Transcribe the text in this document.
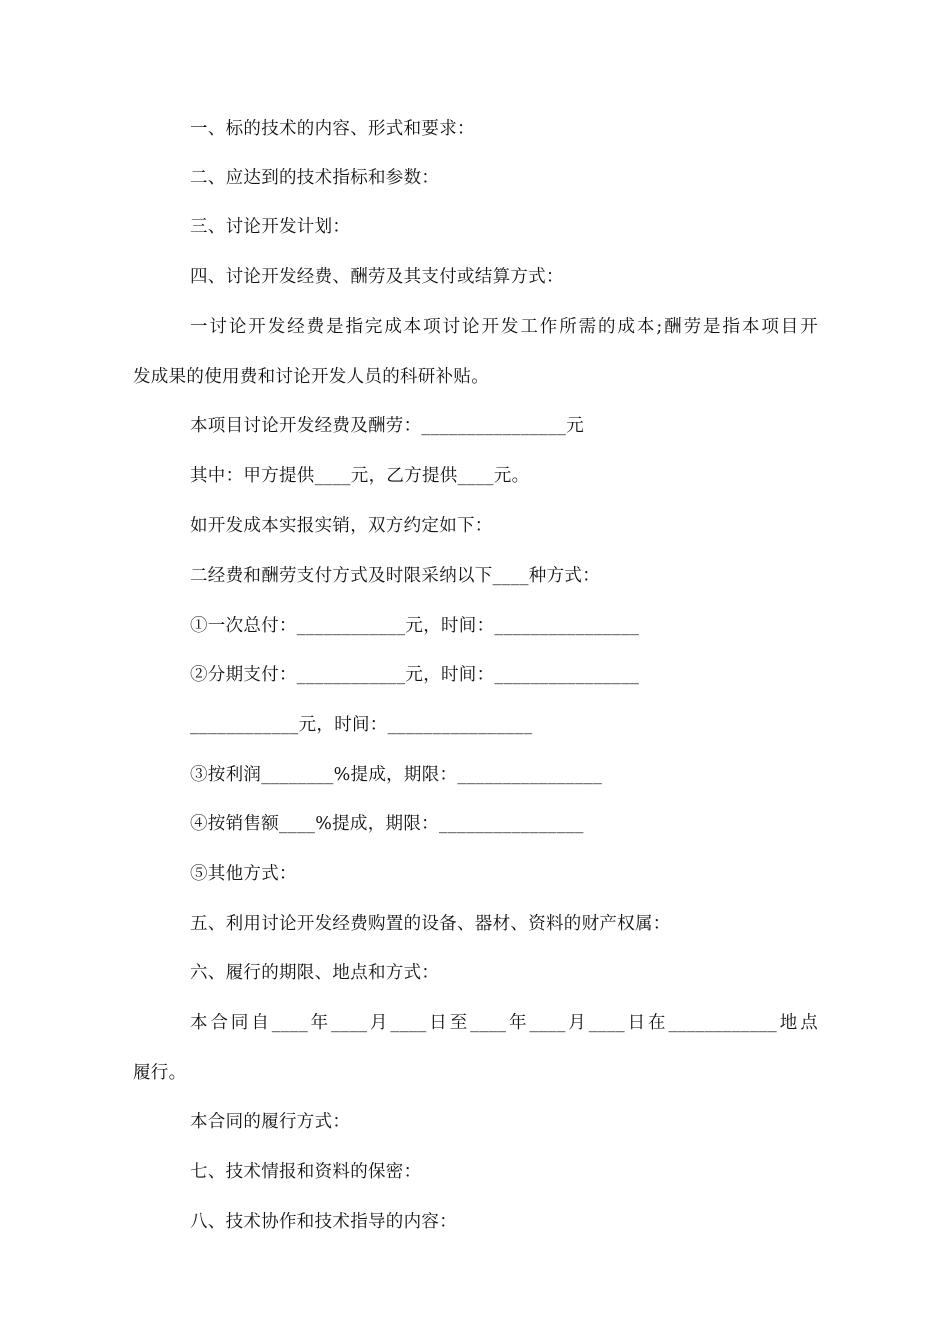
一、标的技术的内容、形式和要求：
二、应达到的技术指标和参数：
三、讨论开发计划：
四、讨论开发经费、酬劳及其支付或结算方式：
一讨论开发经费是指完成本项讨论开发工作所需的成本;酬劳是指本项目开
发成果的使用费和讨论开发人员的科研补贴。
本项目讨论开发经费及酬劳：________________元
其中：甲方提供____元，乙方提供____元。
如开发成本实报实销，双方约定如下：
二经费和酬劳支付方式及时限采纳以下____种方式：
①一次总付：____________元，时间：________________
②分期支付：____________元，时间：________________
____________元，时间：________________
③按利润________%提成，期限：________________
④按销售额____%提成，期限：________________
⑤其他方式：
五、利用讨论开发经费购置的设备、器材、资料的财产权属：
六、履行的期限、地点和方式：
本合同自____年____月____日至____年____月____日在____________地点
履行。
本合同的履行方式：
七、技术情报和资料的保密：
八、技术协作和技术指导的内容：
